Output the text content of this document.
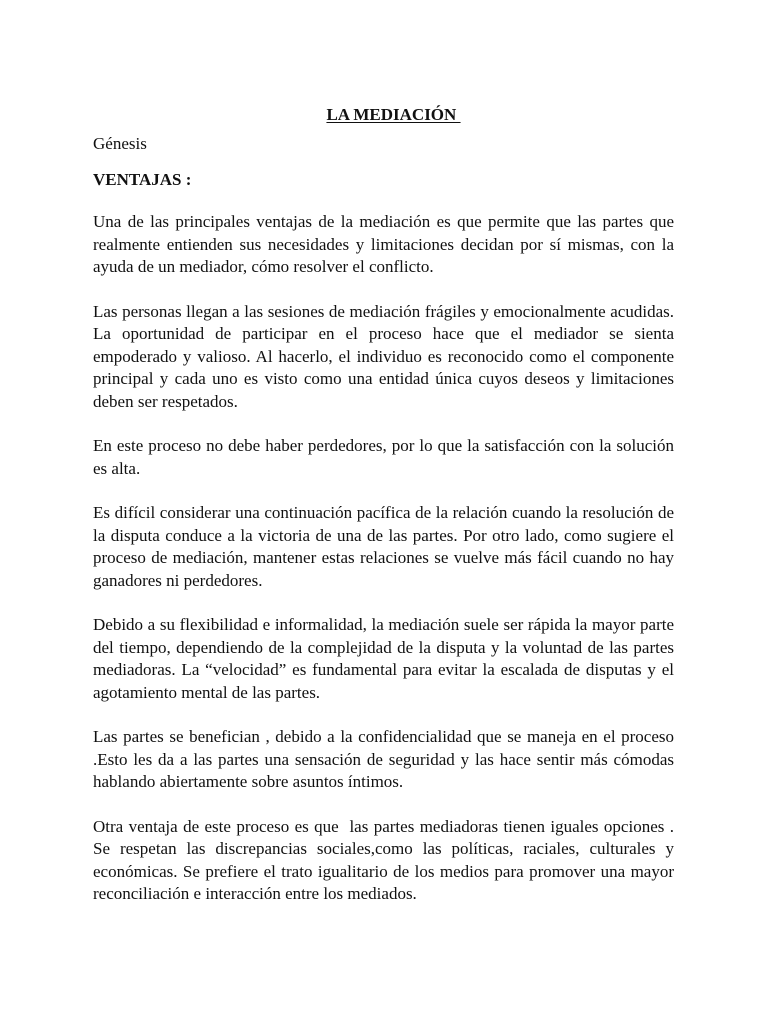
LA MEDIACIÓN
Génesis
VENTAJAS :

Una de las principales ventajas de la mediación es que permite que las partes que realmente entienden sus necesidades y limitaciones decidan por sí mismas, con la ayuda de un mediador, cómo resolver el conflicto.

Las personas llegan a las sesiones de mediación frágiles y emocionalmente acudidas. La oportunidad de participar en el proceso hace que el mediador se sienta empoderado y valioso. Al hacerlo, el individuo es reconocido como el componente principal y cada uno es visto como una entidad única cuyos deseos y limitaciones deben ser respetados.

En este proceso no debe haber perdedores, por lo que la satisfacción con la solución es alta.

Es difícil considerar una continuación pacífica de la relación cuando la resolución de la disputa conduce a la victoria de una de las partes. Por otro lado, como sugiere el proceso de mediación, mantener estas relaciones se vuelve más fácil cuando no hay ganadores ni perdedores.

Debido a su flexibilidad e informalidad, la mediación suele ser rápida la mayor parte del tiempo, dependiendo de la complejidad de la disputa y la voluntad de las partes mediadoras. La “velocidad” es fundamental para evitar la escalada de disputas y el agotamiento mental de las partes.

Las partes se benefician , debido a la confidencialidad que se maneja en el proceso .Esto les da a las partes una sensación de seguridad y las hace sentir más cómodas hablando abiertamente sobre asuntos íntimos.

Otra ventaja de este proceso es que  las partes mediadoras tienen iguales opciones . Se respetan las discrepancias sociales,como las políticas, raciales, culturales y económicas. Se prefiere el trato igualitario de los medios para promover una mayor reconciliación e interacción entre los mediados.
